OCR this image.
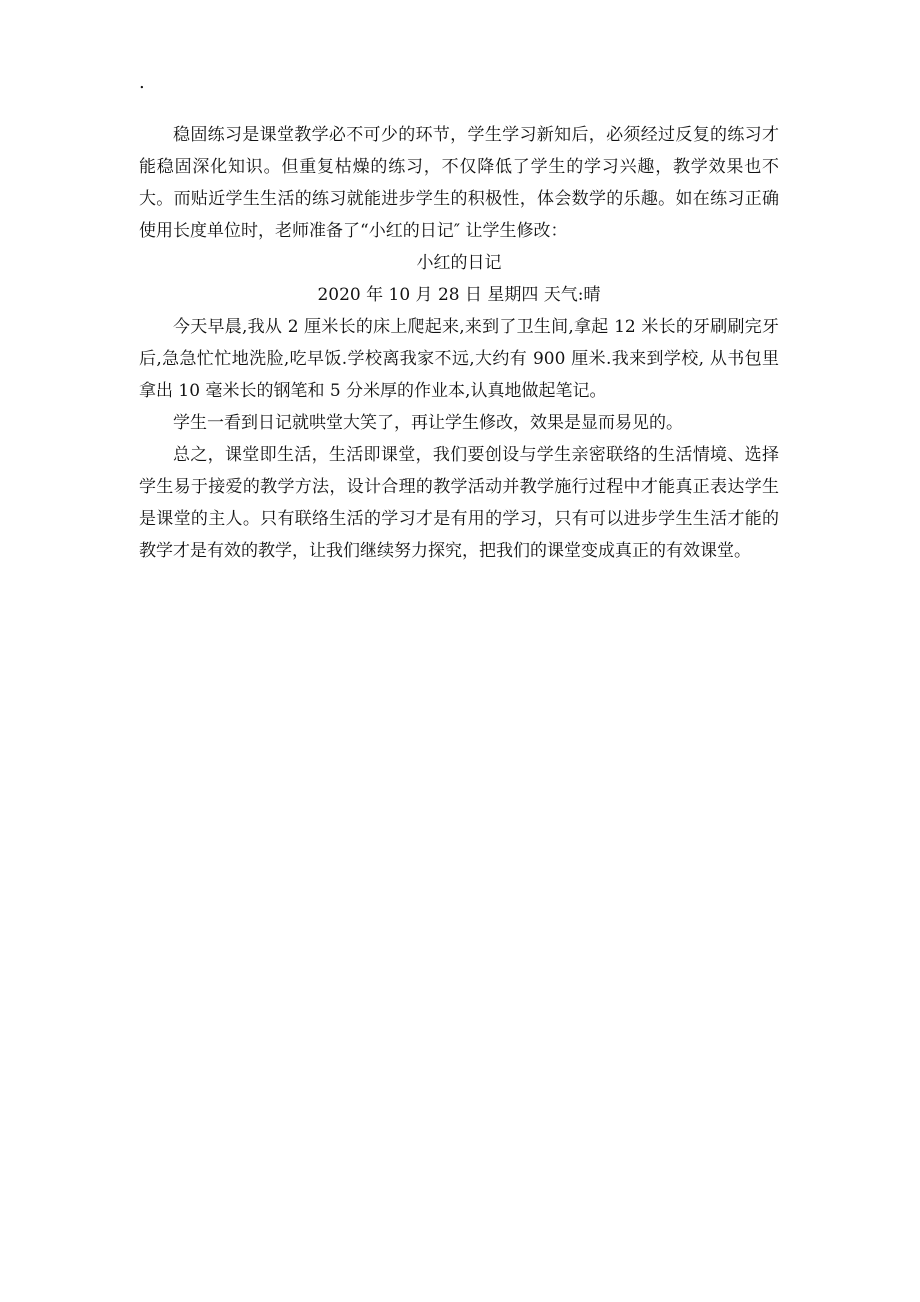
.

稳固练习是课堂教学必不可少的环节，学生学习新知后，必须经过反复的练习才能稳固深化知识。但重复枯燥的练习，不仅降低了学生的学习兴趣，教学效果也不大。而贴近学生生活的练习就能进步学生的积极性，体会数学的乐趣。如在练习正确使用长度单位时，老师准备了“小红的日记″ 让学生修改：

小红的日记

2020 年 10 月 28 日 星期四 天气:晴

今天早晨,我从 2 厘米长的床上爬起来,来到了卫生间,拿起 12 米长的牙刷刷完牙后,急急忙忙地洗脸,吃早饭.学校离我家不远,大约有 900 厘米.我来到学校, 从书包里拿出 10 毫米长的钢笔和 5 分米厚的作业本,认真地做起笔记。

学生一看到日记就哄堂大笑了，再让学生修改，效果是显而易见的。

总之，课堂即生活，生活即课堂，我们要创设与学生亲密联络的生活情境、选择学生易于接爱的教学方法，设计合理的教学活动并教学施行过程中才能真正表达学生是课堂的主人。只有联络生活的学习才是有用的学习，只有可以进步学生生活才能的教学才是有效的教学，让我们继续努力探究，把我们的课堂变成真正的有效课堂。
